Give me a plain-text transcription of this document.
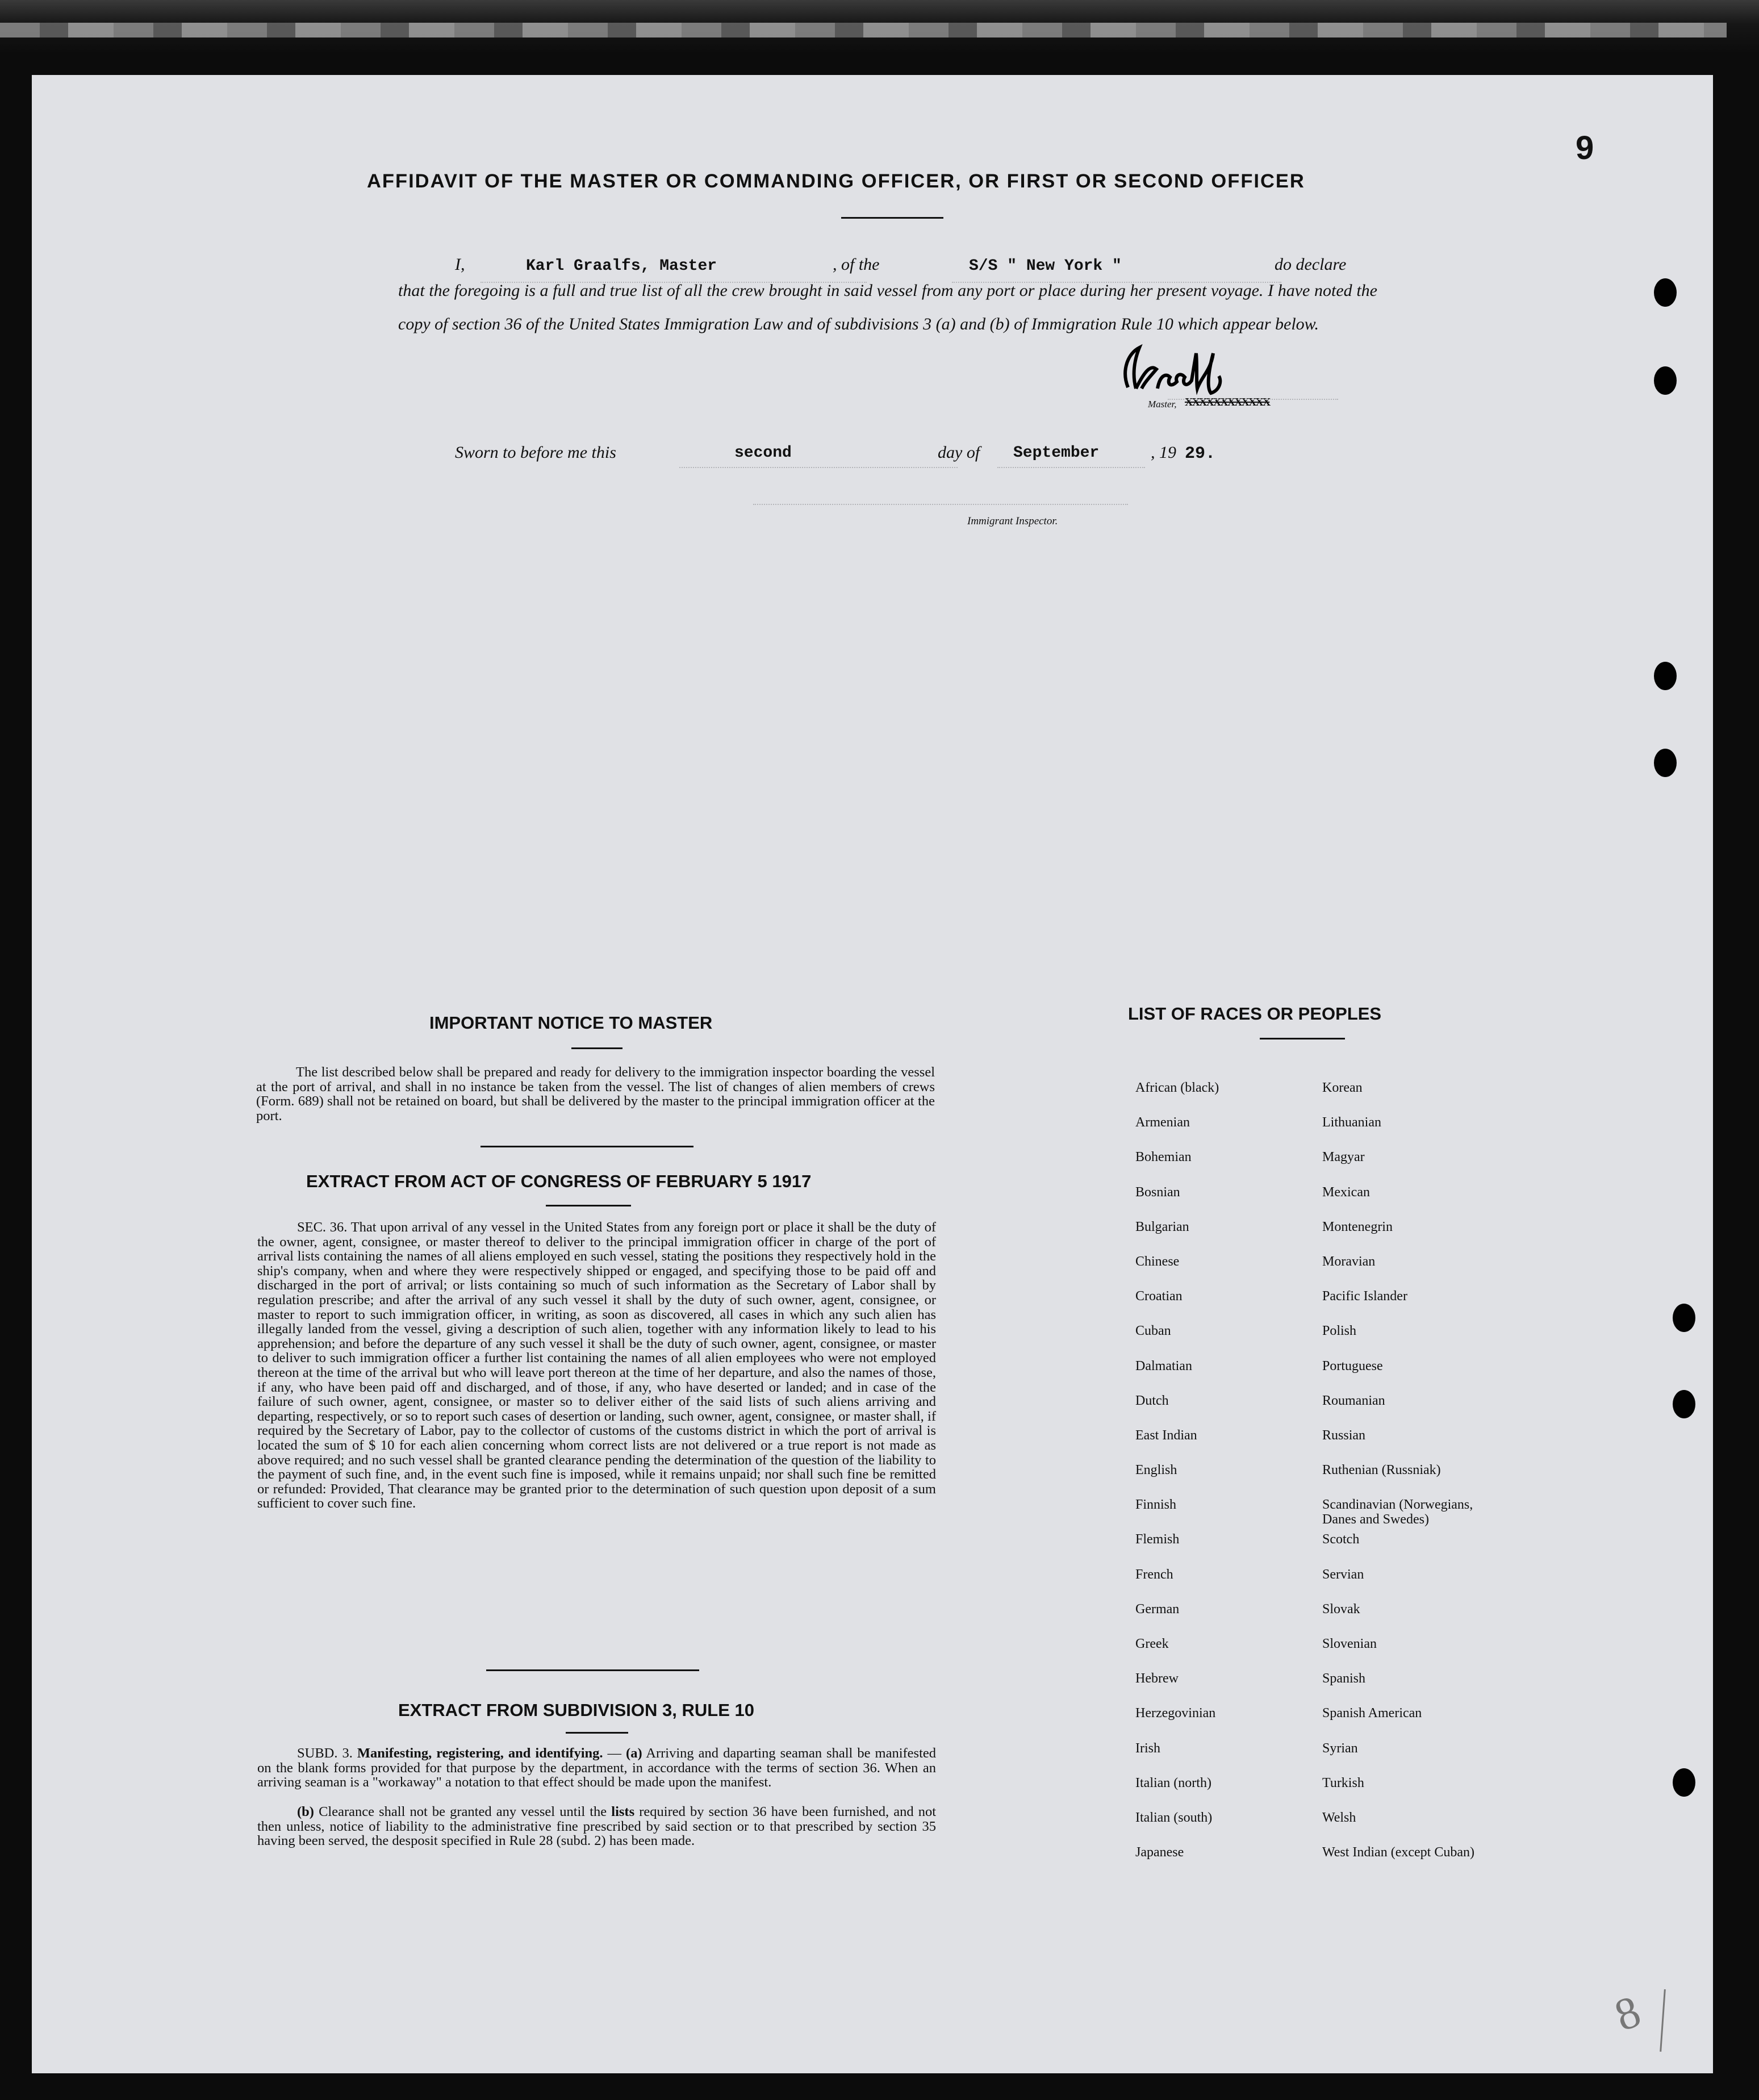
9
AFFIDAVIT OF THE MASTER OR COMMANDING OFFICER, OR FIRST OR SECOND OFFICER
I,	Karl Graalfs, Master	, of the	S/S " New York "	do declare
that the foregoing is a full and true list of all the crew brought in said vessel from any port or place during her present voyage. I have noted the copy of section 36 of the United States Immigration Law and of subdivisions 3 (a) and (b) of Immigration Rule 10 which appear below.
Master, XXXXXXXXXXXX
Sworn to before me this	second	day of September	, 19 29.
Immigrant Inspector.
IMPORTANT NOTICE TO MASTER
The list described below shall be prepared and ready for delivery to the immigration inspector boarding the vessel at the port of arrival, and shall in no instance be taken from the vessel. The list of changes of alien members of crews (Form. 689) shall not be retained on board, but shall be delivered by the master to the principal immigration officer at the port.
EXTRACT FROM ACT OF CONGRESS OF FEBRUARY 5 1917
SEC. 36. That upon arrival of any vessel in the United States from any foreign port or place it shall be the duty of the owner, agent, consignee, or master thereof to deliver to the principal immigration officer in charge of the port of arrival lists containing the names of all aliens employed en such vessel, stating the positions they respectively hold in the ship's company, when and where they were respectively shipped or engaged, and specifying those to be paid off and discharged in the port of arrival; or lists containing so much of such information as the Secretary of Labor shall by regulation prescribe; and after the arrival of any such vessel it shall by the duty of such owner, agent, consignee, or master to report to such immigration officer, in writing, as soon as discovered, all cases in which any such alien has illegally landed from the vessel, giving a description of such alien, together with any information likely to lead to his apprehension; and before the departure of any such vessel it shall be the duty of such owner, agent, consignee, or master to deliver to such immigration officer a further list containing the names of all alien employees who were not employed thereon at the time of the arrival but who will leave port thereon at the time of her departure, and also the names of those, if any, who have been paid off and discharged, and of those, if any, who have deserted or landed; and in case of the failure of such owner, agent, consignee, or master so to deliver either of the said lists of such aliens arriving and departing, respectively, or so to report such cases of desertion or landing, such owner, agent, consignee, or master shall, if required by the Secretary of Labor, pay to the collector of customs of the customs district in which the port of arrival is located the sum of $ 10 for each alien concerning whom correct lists are not delivered or a true report is not made as above required; and no such vessel shall be granted clearance pending the determination of the question of the liability to the payment of such fine, and, in the event such fine is imposed, while it remains unpaid; nor shall such fine be remitted or refunded: Provided, That clearance may be granted prior to the determination of such question upon deposit of a sum sufficient to cover such fine.
EXTRACT FROM SUBDIVISION 3, RULE 10
SUBD. 3. Manifesting, registering, and identifying. — (a) Arriving and daparting seaman shall be manifested on the blank forms provided for that purpose by the department, in accordance with the terms of section 36. When an arriving seaman is a "workaway" a notation to that effect should be made upon the manifest.
(b) Clearance shall not be granted any vessel until the lists required by section 36 have been furnished, and not then unless, notice of liability to the administrative fine prescribed by said section or to that prescribed by section 35 having been served, the desposit specified in Rule 28 (subd. 2) has been made.
LIST OF RACES OR PEOPLES
African (black)
Armenian
Bohemian
Bosnian
Bulgarian
Chinese
Croatian
Cuban
Dalmatian
Dutch
East Indian
English
Finnish
Flemish
French
German
Greek
Hebrew
Herzegovinian
Irish
Italian (north)
Italian (south)
Japanese
Korean
Lithuanian
Magyar
Mexican
Montenegrin
Moravian
Pacific Islander
Polish
Portuguese
Roumanian
Russian
Ruthenian (Russniak)
Scandinavian (Norwegians, Danes and Swedes)
Scotch
Servian
Slovak
Slovenian
Spanish
Spanish American
Syrian
Turkish
Welsh
West Indian (except Cuban)
8
